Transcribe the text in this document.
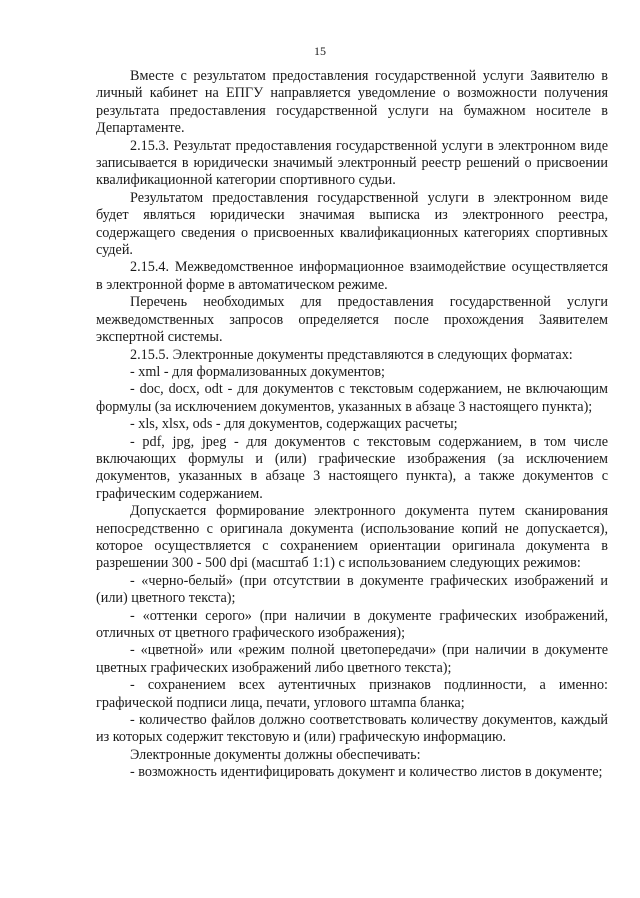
15

Вместе с результатом предоставления государственной услуги Заявителю в личный кабинет на ЕПГУ направляется уведомление о возможности получения результата предоставления государственной услуги на бумажном носителе в Департаменте.

2.15.3. Результат предоставления государственной услуги в электронном виде записывается в юридически значимый электронный реестр решений о присвоении квалификационной категории спортивного судьи.

Результатом предоставления государственной услуги в электронном виде будет являться юридически значимая выписка из электронного реестра, содержащего сведения о присвоенных квалификационных категориях спортивных судей.

2.15.4. Межведомственное информационное взаимодействие осуществляется в электронной форме в автоматическом режиме.

Перечень необходимых для предоставления государственной услуги межведомственных запросов определяется после прохождения Заявителем экспертной системы.

2.15.5. Электронные документы представляются в следующих форматах:

- xml - для формализованных документов;

- doc, docx, odt - для документов с текстовым содержанием, не включающим формулы (за исключением документов, указанных в абзаце 3 настоящего пункта);

- xls, xlsx, ods - для документов, содержащих расчеты;

- pdf, jpg, jpeg - для документов с текстовым содержанием, в том числе включающих формулы и (или) графические изображения (за исключением документов, указанных в абзаце 3 настоящего пункта), а также документов с графическим содержанием.

Допускается формирование электронного документа путем сканирования непосредственно с оригинала документа (использование копий не допускается), которое осуществляется с сохранением ориентации оригинала документа в разрешении 300 - 500 dpi (масштаб 1:1) с использованием следующих режимов:

- «черно-белый» (при отсутствии в документе графических изображений и (или) цветного текста);

- «оттенки серого» (при наличии в документе графических изображений, отличных от цветного графического изображения);

- «цветной» или «режим полной цветопередачи» (при наличии в документе цветных графических изображений либо цветного текста);

- сохранением всех аутентичных признаков подлинности, а именно: графической подписи лица, печати, углового штампа бланка;

- количество файлов должно соответствовать количеству документов, каждый из которых содержит текстовую и (или) графическую информацию.

Электронные документы должны обеспечивать:

- возможность идентифицировать документ и количество листов в документе;
